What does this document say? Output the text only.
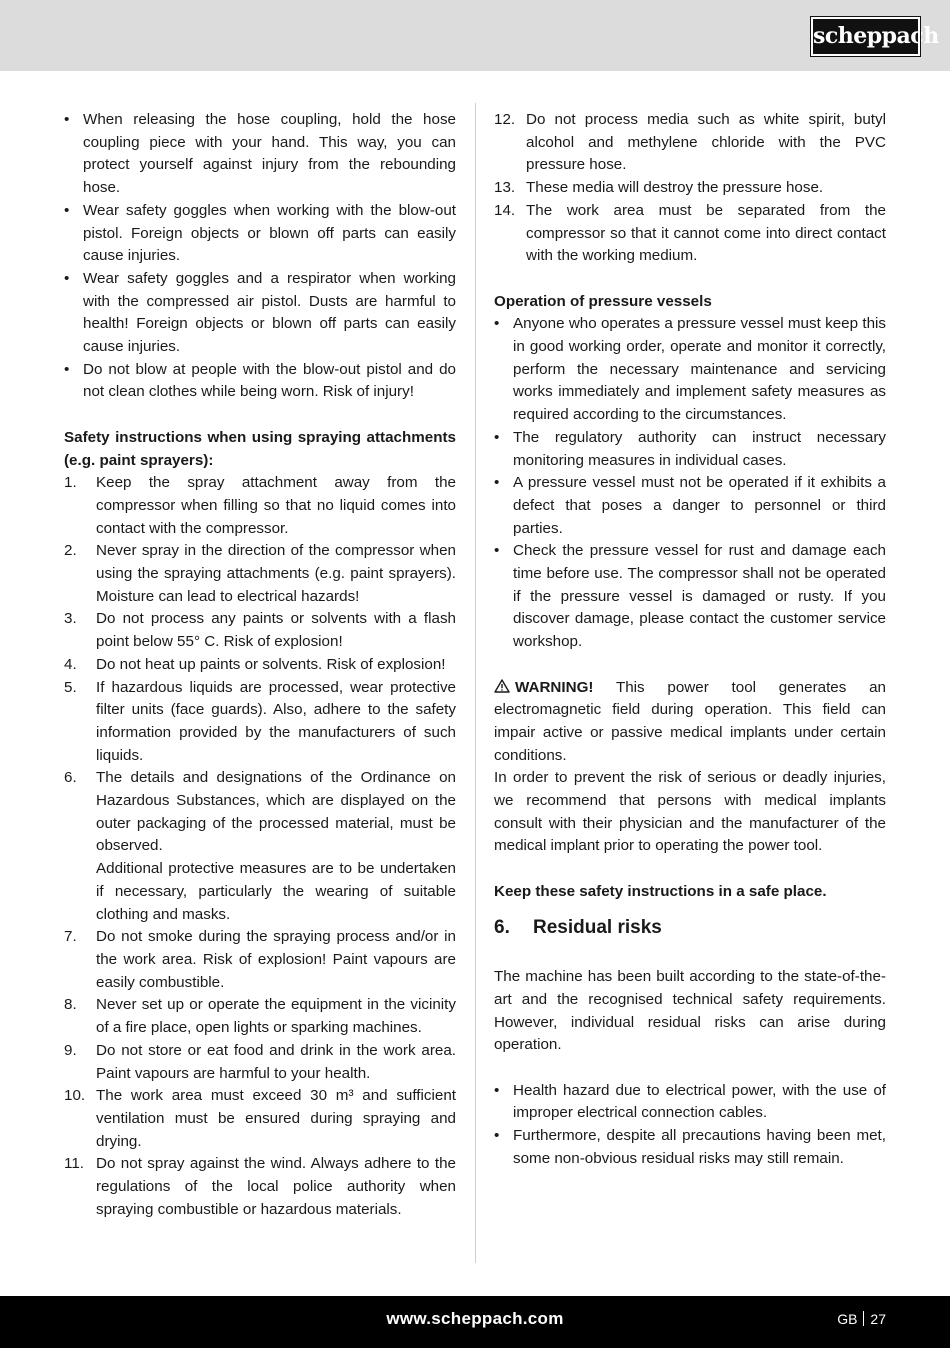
scheppach
• When releasing the hose coupling, hold the hose coupling piece with your hand. This way, you can protect yourself against injury from the rebounding hose.
• Wear safety goggles when working with the blow-out pistol. Foreign objects or blown off parts can easily cause injuries.
• Wear safety goggles and a respirator when working with the compressed air pistol. Dusts are harmful to health! Foreign objects or blown off parts can easily cause injuries.
• Do not blow at people with the blow-out pistol and do not clean clothes while being worn. Risk of injury!
Safety instructions when using spraying attachments (e.g. paint sprayers):
1. Keep the spray attachment away from the compressor when filling so that no liquid comes into contact with the compressor.
2. Never spray in the direction of the compressor when using the spraying attachments (e.g. paint sprayers). Moisture can lead to electrical hazards!
3. Do not process any paints or solvents with a flash point below 55° C. Risk of explosion!
4. Do not heat up paints or solvents. Risk of explosion!
5. If hazardous liquids are processed, wear protective filter units (face guards). Also, adhere to the safety information provided by the manufacturers of such liquids.
6. The details and designations of the Ordinance on Hazardous Substances, which are displayed on the outer packaging of the processed material, must be observed.
Additional protective measures are to be undertaken if necessary, particularly the wearing of suitable clothing and masks.
7. Do not smoke during the spraying process and/or in the work area. Risk of explosion! Paint vapours are easily combustible.
8. Never set up or operate the equipment in the vicinity of a fire place, open lights or sparking machines.
9. Do not store or eat food and drink in the work area. Paint vapours are harmful to your health.
10. The work area must exceed 30 m³ and sufficient ventilation must be ensured during spraying and drying.
11. Do not spray against the wind. Always adhere to the regulations of the local police authority when spraying combustible or hazardous materials.
12. Do not process media such as white spirit, butyl alcohol and methylene chloride with the PVC pressure hose.
13. These media will destroy the pressure hose.
14. The work area must be separated from the compressor so that it cannot come into direct contact with the working medium.
Operation of pressure vessels
• Anyone who operates a pressure vessel must keep this in good working order, operate and monitor it correctly, perform the necessary maintenance and servicing works immediately and implement safety measures as required according to the circumstances.
• The regulatory authority can instruct necessary monitoring measures in individual cases.
• A pressure vessel must not be operated if it exhibits a defect that poses a danger to personnel or third parties.
• Check the pressure vessel for rust and damage each time before use. The compressor shall not be operated if the pressure vessel is damaged or rusty. If you discover damage, please contact the customer service workshop.
WARNING! This power tool generates an electromagnetic field during operation. This field can impair active or passive medical implants under certain conditions.
In order to prevent the risk of serious or deadly injuries, we recommend that persons with medical implants consult with their physician and the manufacturer of the medical implant prior to operating the power tool.
Keep these safety instructions in a safe place.
6. Residual risks
The machine has been built according to the state-of-the-art and the recognised technical safety requirements. However, individual residual risks can arise during operation.
• Health hazard due to electrical power, with the use of improper electrical connection cables.
• Furthermore, despite all precautions having been met, some non-obvious residual risks may still remain.
www.scheppach.com	GB 27
